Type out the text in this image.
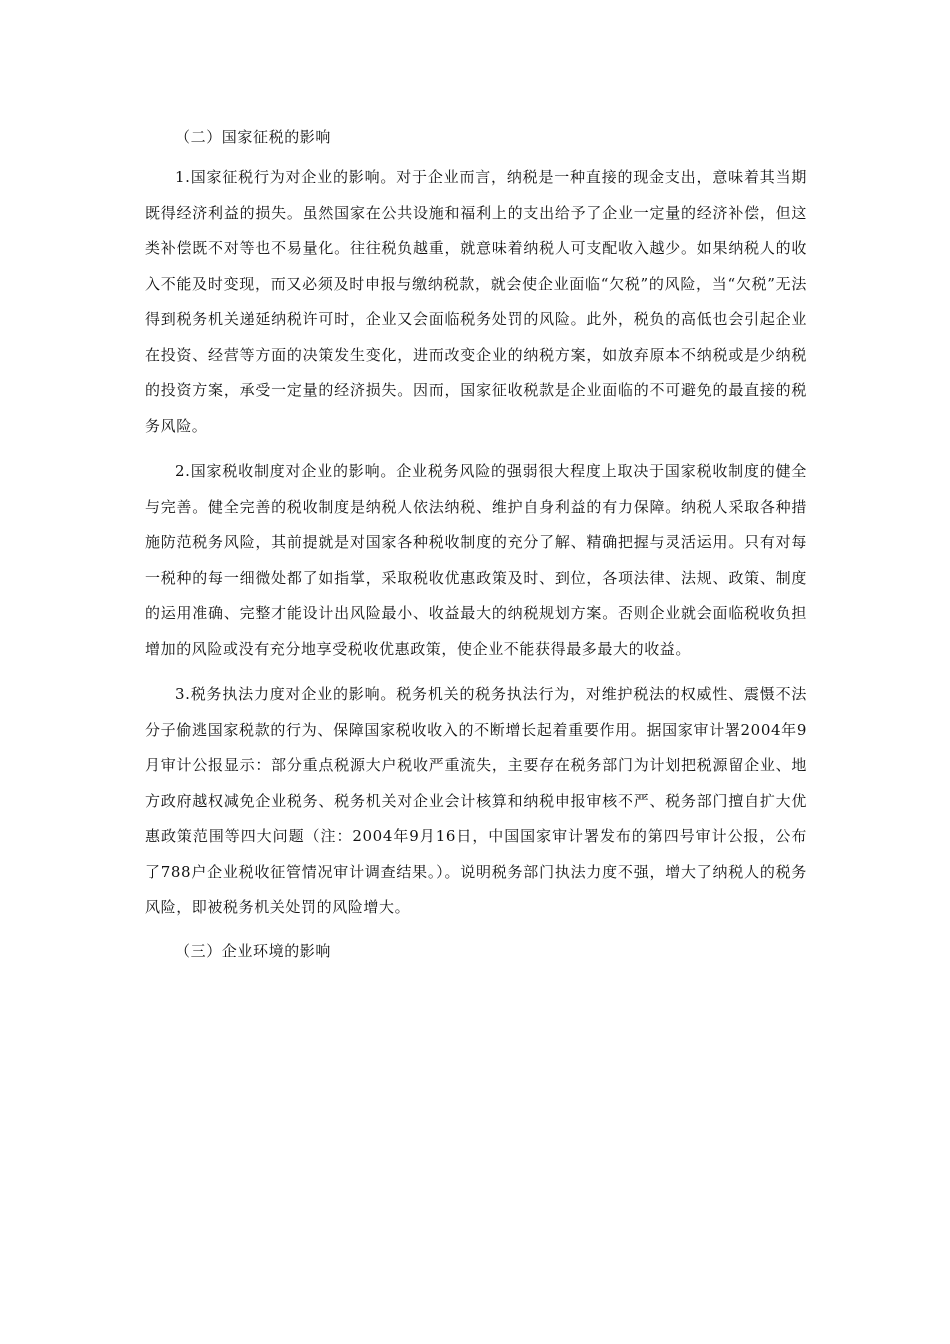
（二）国家征税的影响

1.国家征税行为对企业的影响。对于企业而言，纳税是一种直接的现金支出，意味着其当期既得经济利益的损失。虽然国家在公共设施和福利上的支出给予了企业一定量的经济补偿，但这类补偿既不对等也不易量化。往往税负越重，就意味着纳税人可支配收入越少。如果纳税人的收入不能及时变现，而又必须及时申报与缴纳税款，就会使企业面临“欠税”的风险，当“欠税”无法得到税务机关递延纳税许可时，企业又会面临税务处罚的风险。此外，税负的高低也会引起企业在投资、经营等方面的决策发生变化，进而改变企业的纳税方案，如放弃原本不纳税或是少纳税的投资方案，承受一定量的经济损失。因而，国家征收税款是企业面临的不可避免的最直接的税务风险。

2.国家税收制度对企业的影响。企业税务风险的强弱很大程度上取决于国家税收制度的健全与完善。健全完善的税收制度是纳税人依法纳税、维护自身利益的有力保障。纳税人采取各种措施防范税务风险，其前提就是对国家各种税收制度的充分了解、精确把握与灵活运用。只有对每一税种的每一细微处都了如指掌，采取税收优惠政策及时、到位，各项法律、法规、政策、制度的运用准确、完整才能设计出风险最小、收益最大的纳税规划方案。否则企业就会面临税收负担增加的风险或没有充分地享受税收优惠政策，使企业不能获得最多最大的收益。

3.税务执法力度对企业的影响。税务机关的税务执法行为，对维护税法的权威性、震慑不法分子偷逃国家税款的行为、保障国家税收收入的不断增长起着重要作用。据国家审计署2004年9月审计公报显示：部分重点税源大户税收严重流失，主要存在税务部门为计划把税源留企业、地方政府越权减免企业税务、税务机关对企业会计核算和纳税申报审核不严、税务部门擅自扩大优惠政策范围等四大问题（注：2004年9月16日，中国国家审计署发布的第四号审计公报，公布了788户企业税收征管情况审计调查结果。）。说明税务部门执法力度不强，增大了纳税人的税务风险，即被税务机关处罚的风险增大。

（三）企业环境的影响
